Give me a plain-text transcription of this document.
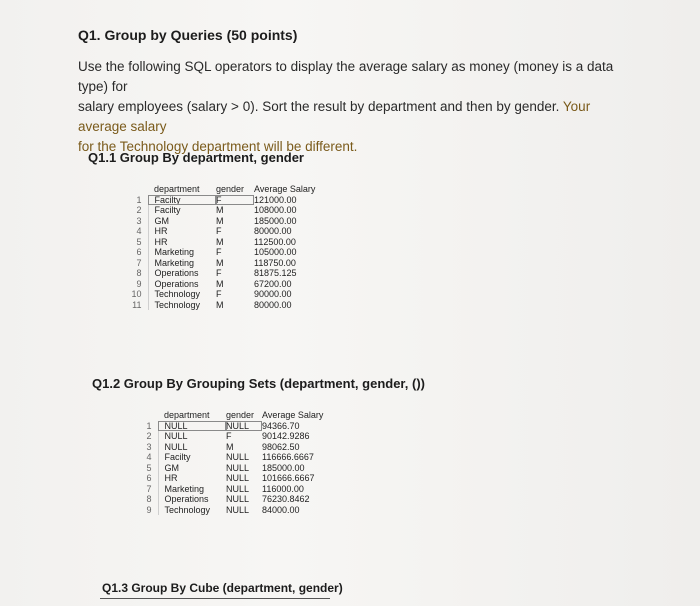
Q1. Group by Queries (50 points)
Use the following SQL operators to display the average salary as money (money is a data type) for
salary employees (salary > 0). Sort the result by department and then by gender. Your average salary
for the Technology department will be different.
Q1.1 Group By department, gender
	department	gender	Average Salary
1	Facilty	F	121000.00
2	Facilty	M	108000.00
3	GM	M	185000.00
4	HR	F	80000.00
5	HR	M	112500.00
6	Marketing	F	105000.00
7	Marketing	M	118750.00
8	Operations	F	81875.125
9	Operations	M	67200.00
10	Technology	F	90000.00
11	Technology	M	80000.00
Q1.2 Group By Grouping Sets (department, gender, ())
	department	gender	Average Salary
1	NULL	NULL	94366.70
2	NULL	F	90142.9286
3	NULL	M	98062.50
4	Facilty	NULL	116666.6667
5	GM	NULL	185000.00
6	HR	NULL	101666.6667
7	Marketing	NULL	116000.00
8	Operations	NULL	76230.8462
9	Technology	NULL	84000.00
Q1.3 Group By Cube (department, gender)
